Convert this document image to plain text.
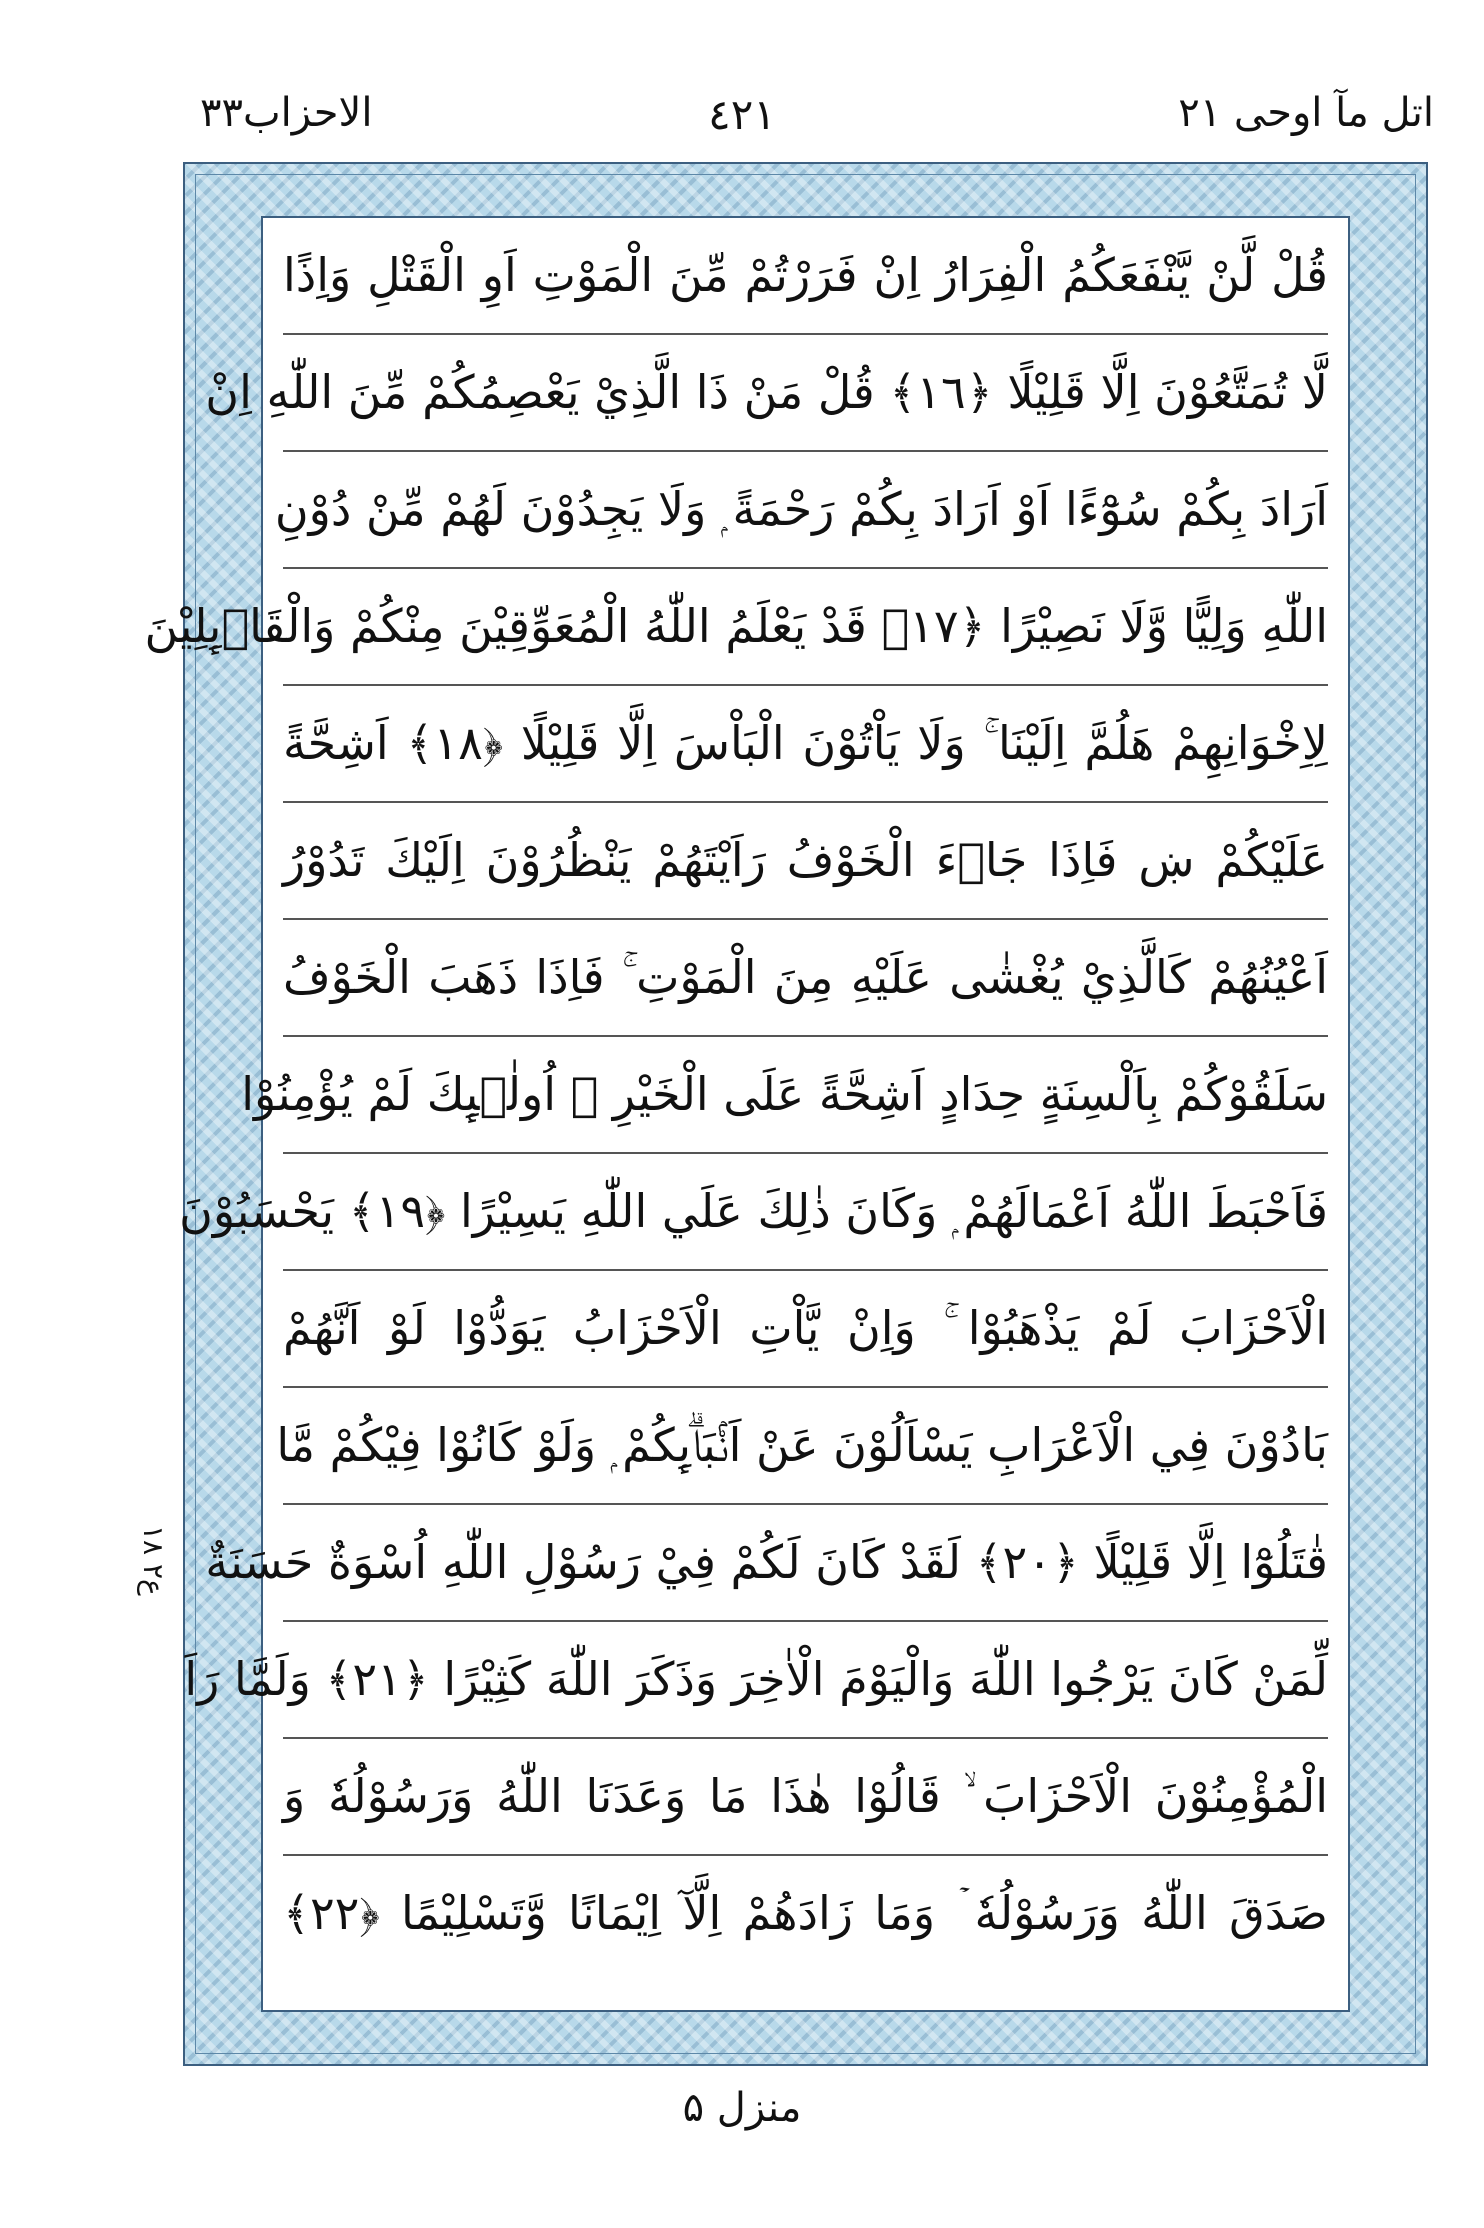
الاحزاب٣٣	٤٢١	اتل مآ اوحی ۲۱
قُلْ لَّنْ يَّنْفَعَكُمُ الْفِرَارُ اِنْ فَرَرْتُمْ مِّنَ الْمَوْتِ اَوِ الْقَتْلِ وَاِذًا
لَّا تُمَتَّعُوْنَ اِلَّا قَلِيْلًا ﴿١٦﴾ قُلْ مَنْ ذَا الَّذِيْ يَعْصِمُكُمْ مِّنَ اللّٰهِ اِنْ
اَرَادَ بِكُمْ سُوْٓءًا اَوْ اَرَادَ بِكُمْ رَحْمَةً ۭ وَلَا يَجِدُوْنَ لَهُمْ مِّنْ دُوْنِ
اللّٰهِ وَلِيًّا وَّلَا نَصِيْرًا ﴿١٧﴾ قَدْ يَعْلَمُ اللّٰهُ الْمُعَوِّقِيْنَ مِنْكُمْ وَالْقَاۗىِٕلِيْنَ
لِاِخْوَانِهِمْ هَلُمَّ اِلَيْنَا ۚ وَلَا يَاْتُوْنَ الْبَاْسَ اِلَّا قَلِيْلًا ﴿١٨﴾ اَشِحَّةً
عَلَيْكُمْ ښ فَاِذَا جَاۗءَ الْخَوْفُ رَاَيْتَهُمْ يَنْظُرُوْنَ اِلَيْكَ تَدُوْرُ
اَعْيُنُهُمْ كَالَّذِيْ يُغْشٰى عَلَيْهِ مِنَ الْمَوْتِ ۚ فَاِذَا ذَهَبَ الْخَوْفُ
سَلَقُوْكُمْ بِاَلْسِنَةٍ حِدَادٍ اَشِحَّةً عَلَى الْخَيْرِ ۭ اُولٰۗىِٕكَ لَمْ يُؤْمِنُوْا
فَاَحْبَطَ اللّٰهُ اَعْمَالَهُمْ ۭ وَكَانَ ذٰلِكَ عَلَي اللّٰهِ يَسِيْرًا ﴿١٩﴾ يَحْسَبُوْنَ
الْاَحْزَابَ لَمْ يَذْهَبُوْا ۚ وَاِنْ يَّاْتِ الْاَحْزَابُ يَوَدُّوْا لَوْ اَنَّهُمْ
بَادُوْنَ فِي الْاَعْرَابِ يَسْاَلُوْنَ عَنْ اَنْۢبَاۗىِٕكُمْ ۭ وَلَوْ كَانُوْا فِيْكُمْ مَّا
قٰتَلُوْٓا اِلَّا قَلِيْلًا ﴿٢٠﴾ لَقَدْ كَانَ لَكُمْ فِيْ رَسُوْلِ اللّٰهِ اُسْوَةٌ حَسَنَةٌ
لِّمَنْ كَانَ يَرْجُوا اللّٰهَ وَالْيَوْمَ الْاٰخِرَ وَذَكَرَ اللّٰهَ كَثِيْرًا ﴿٢١﴾ وَلَمَّا رَاَ
الْمُؤْمِنُوْنَ الْاَحْزَابَ ۙ قَالُوْا ھٰذَا مَا وَعَدَنَا اللّٰهُ وَرَسُوْلُهٗ وَ
صَدَقَ اللّٰهُ وَرَسُوْلُهٗ ۡ وَمَا زَادَهُمْ اِلَّآ اِيْمَانًا وَّتَسْلِيْمًا ﴿٢٢﴾
ع۲ ۱۸
منزل ۵
